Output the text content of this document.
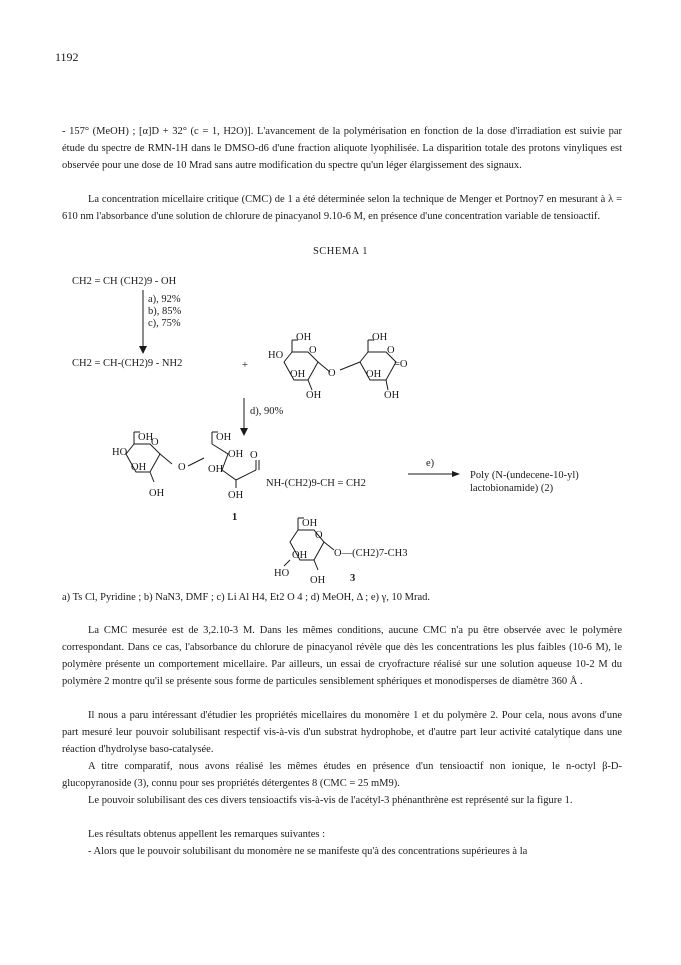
1192

- 157° (MeOH) ; [α]D + 32° (c = 1, H2O)]. L'avancement de la polymérisation en fonction de la dose d'irradiation est suivie par étude du spectre de RMN-1H dans le DMSO-d6 d'une fraction aliquote lyophilisée. La disparition totale des protons vinyliques est observée pour une dose de 10 Mrad sans autre modification du spectre qu'un léger élargissement des signaux.

La concentration micellaire critique (CMC) de 1 a été déterminée selon la technique de Menger et Portnoy7 en mesurant à λ = 610 nm l'absorbance d'une solution de chlorure de pinacyanol 9.10-6 M, en présence d'une concentration variable de tensioactif.

SCHEMA 1
CH2 = CH (CH2)9 - OH
a), 92%
b), 85%
c), 75%
CH2 = CH-(CH2)9 - NH2	+
OH
HO O
OH
OH
O
OH
O
OH
=O
OH
d), 90%
OH
HO
O
OH
OH
O
OH
OH
OH
O
OH
NH-(CH2)9-CH = CH2
1
e)
Poly (N-(undecene-10-yl)
lactobionamide) (2)
OH
O
OH	O—(CH2)7-CH3
HO
OH 3
a) Ts Cl, Pyridine ; b) NaN3, DMF ; c) Li Al H4, Et2 O 4 ; d) MeOH, Δ ; e) γ, 10 Mrad.

La CMC mesurée est de 3,2.10-3 M. Dans les mêmes conditions, aucune CMC n'a pu être observée avec le polymère correspondant. Dans ce cas, l'absorbance du chlorure de pinacyanol révèle que dès les concentrations les plus faibles (10-6 M), le polymère présente un comportement micellaire. Par ailleurs, un essai de cryofracture réalisé sur une solution aqueuse 10-2 M du polymère 2 montre qu'il se présente sous forme de particules sensiblement sphériques et monodisperses de diamètre 360 Å .

Il nous a paru intéressant d'étudier les propriétés micellaires du monomère 1 et du polymère 2. Pour cela, nous avons d'une part mesuré leur pouvoir solubilisant respectif vis-à-vis d'un substrat hydrophobe, et d'autre part leur activité catalytique dans une réaction d'hydrolyse baso-catalysée.

A titre comparatif, nous avons réalisé les mêmes études en présence d'un tensioactif non ionique, le n-octyl β-D-glucopyranoside (3), connu pour ses propriétés détergentes 8 (CMC = 25 mM9).

Le pouvoir solubilisant des ces divers tensioactifs vis-à-vis de l'acétyl-3 phénanthrène est représenté sur la figure 1.

Les résultats obtenus appellent les remarques suivantes :

- Alors que le pouvoir solubilisant du monomère ne se manifeste qu'à des concentrations supérieures à la
